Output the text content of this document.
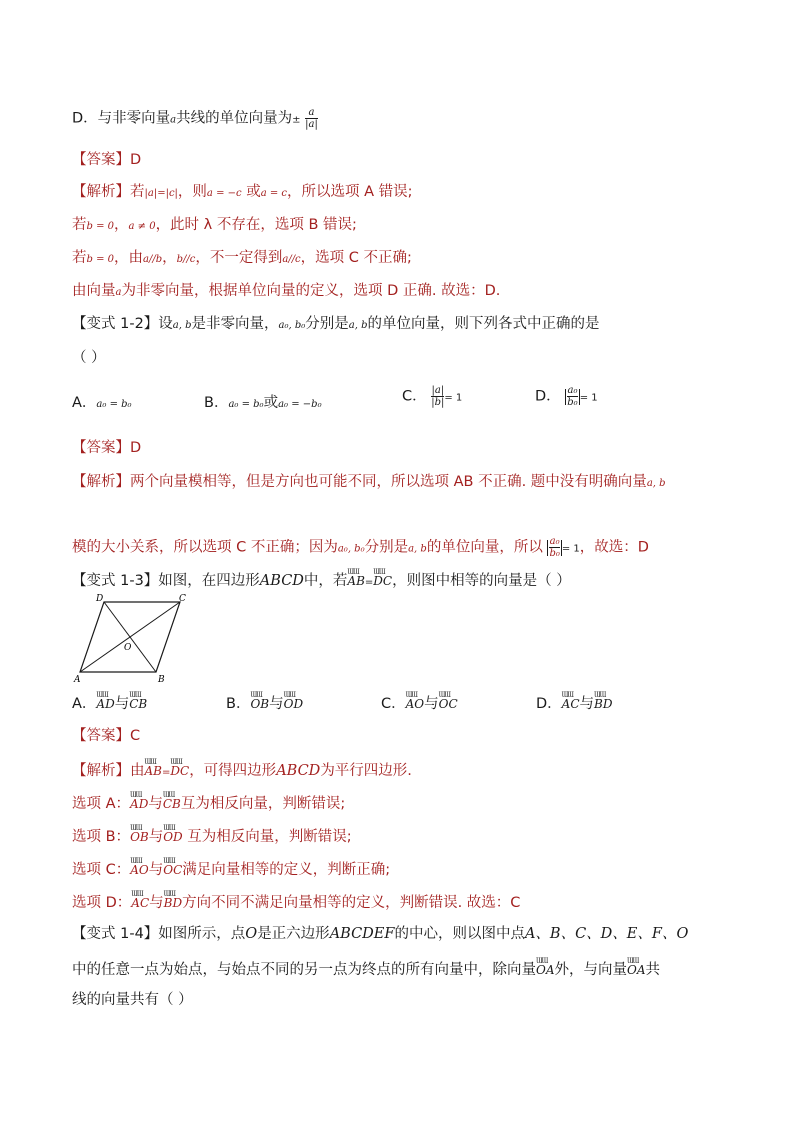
D．与非零向量a共线的单位向量为± $\frac{a}{|a|}$
【答案】D
【解析】若|a|=|c|，则a = −c 或a = c，所以选项 A 错误;
若b = 0，a ≠ 0，此时 λ 不存在，选项 B 错误;
若b = 0，由a//b，b//c，不一定得到a//c，选项 C 不正确;
由向量a为非零向量，根据单位向量的定义，选项 D 正确. 故选：D.
【变式 1-2】设a, b是非零向量，a₀, b₀分别是a, b的单位向量，则下列各式中正确的是
（ ）
A．a₀ = b₀	B．a₀ = b₀或a₀ = −b₀	C． $\frac{|a|}{|b|} = 1$	D． $\frac{\text{a₀}}{\text{b₀}} = 1$
【答案】D
【解析】两个向量模相等，但是方向也可能不同，所以选项 AB 不正确. 题中没有明确向量a, b
模的大小关系，所以选项 C 不正确；因为a₀, b₀分别是a, b的单位向量，所以 $\frac{\text{a₀}}{\text{b₀}} = 1$，故选：D
【变式 1-3】如图，在四边形ABCD中，若ƜƜ AB=ƜƜ DC，则图中相等的向量是（ ）
D	C
A	B
O
A．ƜƜ AD与ƜƜ CB	B．ƜƜ OB与ƜƜ OD	C．ƜƜ AO与ƜƜ OC	D．ƜƜ AC与ƜƜ BD
【答案】C
【解析】由ƜƜ AB=ƜƜ DC，可得四边形ABCD为平行四边形.
选项 A：ƜƜ AD与ƜƜ CB互为相反向量，判断错误;
选项 B：ƜƜ OB与ƜƜ OD 互为相反向量，判断错误;
选项 C：ƜƜ AO与ƜƜ OC满足向量相等的定义，判断正确;
选项 D：ƜƜ AC与ƜƜ BD方向不同不满足向量相等的定义，判断错误. 故选：C
【变式 1-4】如图所示，点O是正六边形ABCDEF的中心，则以图中点A、B、C、D、E、F、O
中的任意一点为始点，与始点不同的另一点为终点的所有向量中，除向量ƜƜ OA外，与向量ƜƜ OA共
线的向量共有（ ）
